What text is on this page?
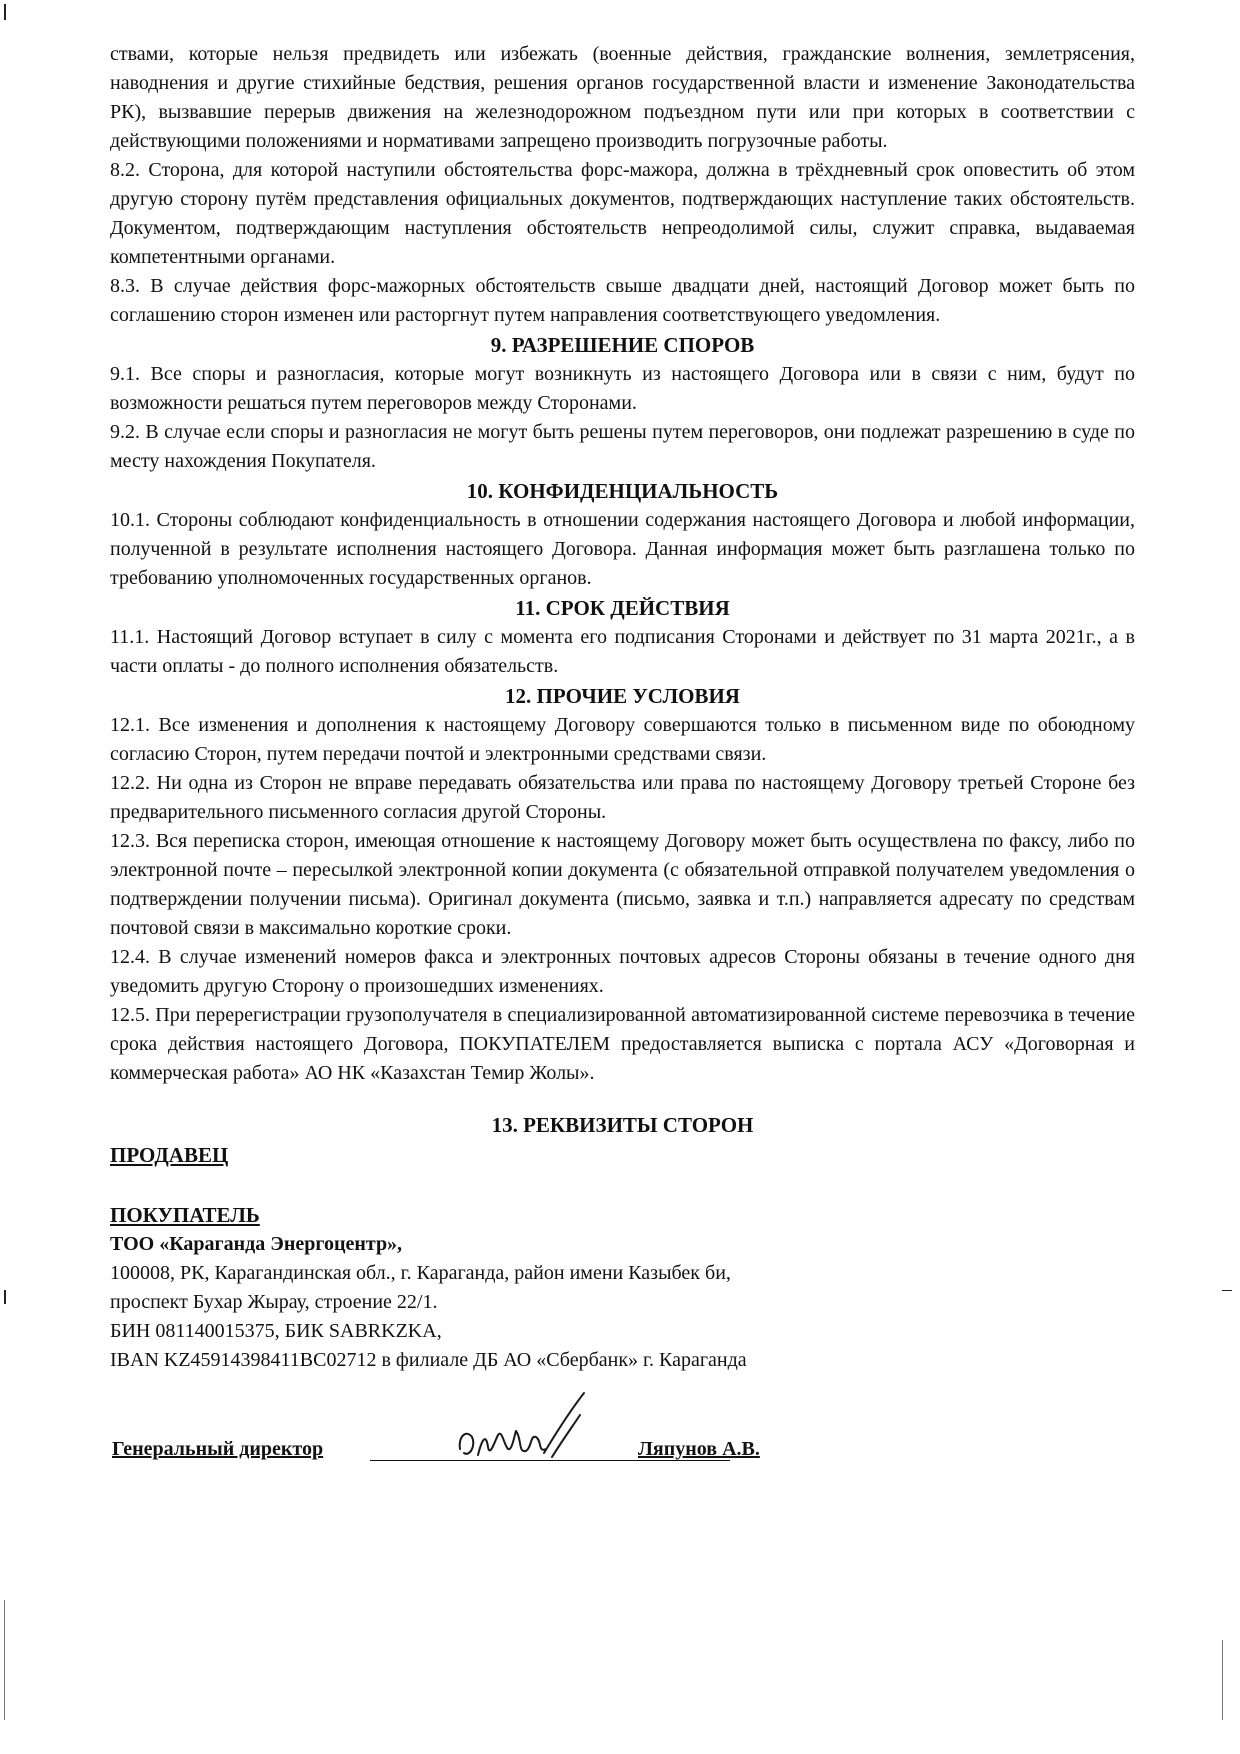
ствами, которые нельзя предвидеть или избежать (военные действия, гражданские волнения, землетрясения, наводнения и другие стихийные бедствия, решения органов государственной власти и изменение Законодательства РК), вызвавшие перерыв движения на железнодорожном подъездном пути или при которых в соответствии с действующими положениями и нормативами запрещено производить погрузочные работы.

8.2. Сторона, для которой наступили обстоятельства форс-мажора, должна в трёхдневный срок оповестить об этом другую сторону путём представления официальных документов, подтверждающих наступление таких обстоятельств. Документом, подтверждающим наступления обстоятельств непреодолимой силы, служит справка, выдаваемая компетентными органами.

8.3. В случае действия форс-мажорных обстоятельств свыше двадцати дней, настоящий Договор может быть по соглашению сторон изменен или расторгнут путем направления соответствующего уведомления.

9. РАЗРЕШЕНИЕ СПОРОВ

9.1. Все споры и разногласия, которые могут возникнуть из настоящего Договора или в связи с ним, будут по возможности решаться путем переговоров между Сторонами.

9.2. В случае если споры и разногласия не могут быть решены путем переговоров, они подлежат разрешению в суде по месту нахождения Покупателя.

10. КОНФИДЕНЦИАЛЬНОСТЬ

10.1. Стороны соблюдают конфиденциальность в отношении содержания настоящего Договора и любой информации, полученной в результате исполнения настоящего Договора. Данная информация может быть разглашена только по требованию уполномоченных государственных органов.

11. СРОК ДЕЙСТВИЯ

11.1. Настоящий Договор вступает в силу с момента его подписания Сторонами и действует по 31 марта 2021г., а в части оплаты - до полного исполнения обязательств.

12. ПРОЧИЕ УСЛОВИЯ

12.1. Все изменения и дополнения к настоящему Договору совершаются только в письменном виде по обоюдному согласию Сторон, путем передачи почтой и электронными средствами связи.

12.2. Ни одна из Сторон не вправе передавать обязательства или права по настоящему Договору третьей Стороне без предварительного письменного согласия другой Стороны.

12.3. Вся переписка сторон, имеющая отношение к настоящему Договору может быть осуществлена по факсу, либо по электронной почте – пересылкой электронной копии документа (с обязательной отправкой получателем уведомления о подтверждении получении письма). Оригинал документа (письмо, заявка и т.п.) направляется адресату по средствам почтовой связи в максимально короткие сроки.

12.4. В случае изменений номеров факса и электронных почтовых адресов Стороны обязаны в течение одного дня уведомить другую Сторону о произошедших изменениях.

12.5. При перерегистрации грузополучателя в специализированной автоматизированной системе перевозчика в течение срока действия настоящего Договора, ПОКУПАТЕЛЕМ предоставляется выписка с портала АСУ «Договорная и коммерческая работа» АО НК «Казахстан Темир Жолы».

13. РЕКВИЗИТЫ СТОРОН

ПРОДАВЕЦ

ПОКУПАТЕЛЬ

ТОО «Караганда Энергоцентр»,

100008, РК, Карагандинская обл., г. Караганда, район имени Казыбек би,

проспект Бухар Жырау, строение 22/1.

БИН 081140015375, БИК SABRKZKA,

IBAN KZ45914398411BC02712 в филиале ДБ АО «Сбербанк» г. Караганда

Генеральный директор	Ляпунов А.В.
